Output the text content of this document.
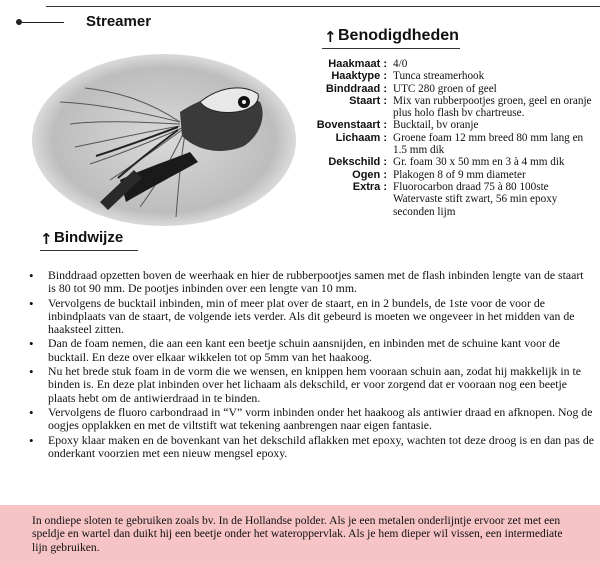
Streamer
↑ Benodigdheden
↑ Bindwijze
Haakmaat : 4/0
Haaktype : Tunca streamerhook
Binddraad : UTC 280 groen of geel
Staart : Mix van rubberpootjes groen, geel en oranje plus holo flash bv chartreuse.
Bovenstaart : Bucktail, bv oranje
Lichaam : Groene foam 12 mm breed 80 mm lang en 1.5 mm dik
Dekschild : Gr. foam 30 x 50 mm en 3 à 4 mm dik
Ogen : Plakogen 8 of 9 mm diameter
Extra : Fluorocarbon draad 75 à 80 100ste Watervaste stift zwart, 56 min epoxy seconden lijm
• Binddraad opzetten boven de weerhaak en hier de rubberpootjes samen met de flash inbinden lengte van de staart is 80 tot 90 mm. De pootjes inbinden over een lengte van 10 mm.
• Vervolgens de bucktail inbinden, min of meer plat over de staart, en in 2 bundels, de 1ste voor de voor de inbindplaats van de staart, de volgende iets verder. Als dit gebeurd is moeten we ongeveer in het midden van de haaksteel zitten.
• Dan de foam nemen, die aan een kant een beetje schuin aansnijden, en inbinden met de schuine kant voor de bucktail. En deze over elkaar wikkelen tot op 5mm van het haakoog.
• Nu het brede stuk foam in de vorm die we wensen, en knippen hem vooraan schuin aan, zodat hij makkelijk in te binden is. En deze plat inbinden over het lichaam als dekschild, er voor zorgend dat er vooraan nog een beetje plaats hebt om de antiwierdraad in te binden.
• Vervolgens de fluoro carbondraad in “V” vorm inbinden onder het haakoog als antiwier draad en afknopen. Nog de oogjes opplakken en met de viltstift wat tekening aanbrengen naar eigen fantasie.
• Epoxy klaar maken en de bovenkant van het dekschild aflakken met epoxy, wachten tot deze droog is en dan pas de onderkant voorzien met een nieuw mengsel epoxy.
In ondiepe sloten te gebruiken zoals bv. In de Hollandse polder. Als je een metalen onderlijntje ervoor zet met een speldje en wartel dan duikt hij een beetje onder het wateroppervlak. Als je hem dieper wil vissen, een intermediate lijn gebruiken.
